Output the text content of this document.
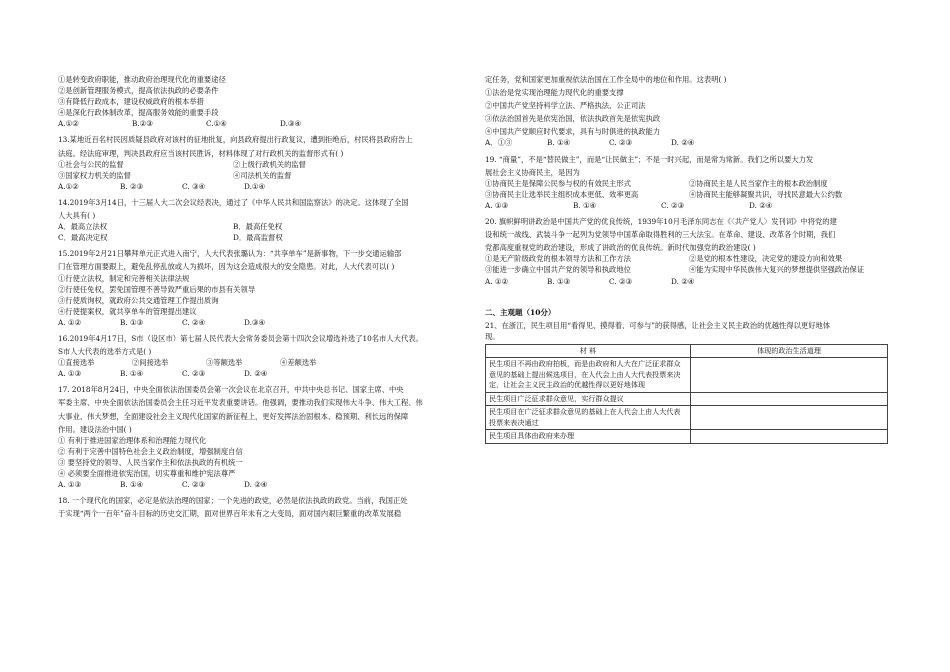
①是转变政府职能，推动政府治理现代化的重要途径
②是创新管理服务模式，提高依法执政的必要条件
③有降低行政成本，建设权威政府的根本举措
④是深化行政体制改革，提高服务效能的重要手段
A.①②	B.②③	C.①④	D.③④
13.某地近百名村民因质疑县政府对该村的征地批复，向县政府提出行政复议，遭到拒绝后，村民将县政府告上
法庭。经法庭审理，判决县政府应当该村民胜诉，材料体现了对行政机关的监督形式有( )
①社会与公民的监督	②上级行政机关的监督
③国家权力机关的监督	④司法机关的监督
A.①②	B. ②③	C. ③④	D.①④
14.2019年3月14日，十三届人大二次会议经表决，通过了《中华人民共和国监察法》的决定。这体现了全国
人大具有( )
A．最高立法权	B．最高任免权
C．最高决定权	D．最高监督权
15.2019年2月21日攀拜单元正式进入南宁，人大代表张璐认为：“共享单车”是新事物，下一步交通运输部
门在管理方面要跟上，避免乱停乱放或人为损坏，因为这会造成很大的安全隐患。对此，人大代表可以( )
①行使立法权，制定和完善相关法律法规
②行使任免权，罢免国管理不善导致严重后果的市县有关领导
③行使质询权，就政府公共交通管理工作提出质询
④行使提案权，就共享单车的管理提出建议
A. ①②	B. ①③	C. ②④	D.③④
16.2019年4月17日，S市（设区市）第七届人民代表大会常务委员会第十四次会议增选补选了10名市人大代表。
S市人大代表的选举方式是( )
①直接选举	②间接选举	③等额选举	④差额选举
A. ①③	B. ①④	C. ②③	D. ②④
17. 2018年8月24日，中央全面依法治国委员会第一次会议在北京召开，中共中央总书记、国家主席、中央
军委主席、中央全面依法治国委员会主任习近平发表重要讲话。他强调，要推动我们实现伟大斗争、伟大工程、伟
大事业、伟大梦想，全面建设社会主义现代化国家的新征程上，更好发挥法治固根本、稳预期、利长远的保障
作用。建设法治中国( )
① 有利于推进国家治理体系和治理能力现代化
② 有利于完善中国特色社会主义政治制度，增强制度自信
③ 要坚持党的领导、人民当家作主和依法执政的有机统一
④ 必须要全面推进依宪治国，切实尊重和维护宪法尊严
A. ①③	B. ①④	C. ②③	D. ②④
18. 一个现代化的国家，必定是依法治理的国家；一个先进的政党，必然是依法执政的政党。当前，我国正处
于实现“两个一百年”奋斗目标的历史交汇期，面对世界百年未有之大变局，面对国内艰巨繁重的改革发展稳
定任务，党和国家更加重视依法治国在工作全局中的地位和作用。这表明( )
①法治是党实现治理能力现代化的重要支撑
②中国共产党坚持科学立法、严格执法、公正司法
③依法治国首先是依宪治国，依法执政首先是依宪执政
④中国共产党顺应时代要求，具有与时俱进的执政能力
A．①③	B. ①④	C. ②③	D. ②④
19. “商量”，不是“替民做主”，而是“让民做主”；不是一时兴起，而是常为常新。我们之所以要大力发
展社会主义协商民主，是因为
①协商民主是保障公民参与权的有效民主形式	②协商民主是人民当家作主的根本政治制度
③协商民主让选举民主组织成本更低、效率更高	④协商民主能够凝聚共识，寻找民意最大公约数
A. ①③	B. ①④	C. ②③	D. ②④
20. 旗帜鲜明讲政治是中国共产党的优良传统，1939年10月毛泽东同志在《〈共产党人〉发刊词》中将党的建
设和统一战线、武装斗争一起列为党领导中国革命取得胜利的三大法宝。在革命、建设、改革各个时期，我们
党都高度重视党的政治建设，形成了讲政治的优良传统。新时代加强党的政治建设( )
①是无产阶级政党的根本领导方法和工作方法	②是党的根本性建设，决定党的建设方向和效果
③能进一步确立中国共产党的领导和执政地位	④能为实现中华民族伟大复兴的梦想提供坚强政治保证
A. ①②	B. ①③	C. ②③	D. ②④
二、主观题（10分）
21、在浙江，民生项目用“看得见、摸得着、可参与”的获得感，让社会主义民主政治的优越性得以更好地体
现。
材 料	体现的政治生活道理
民生项目不再由政府拍板，而是由政府和人大在广泛征求群众意见的基础上提出候选项目，在人代会上由人大代表投票来决定，让社会主义民主政治的优越性得以更好地体现	
民生项目广泛征求群众意见，实行群众提议	
民生项目在广泛征求群众意见的基础上在人代会上由人大代表投票来表决通过	
民生项目具体由政府来办理	
